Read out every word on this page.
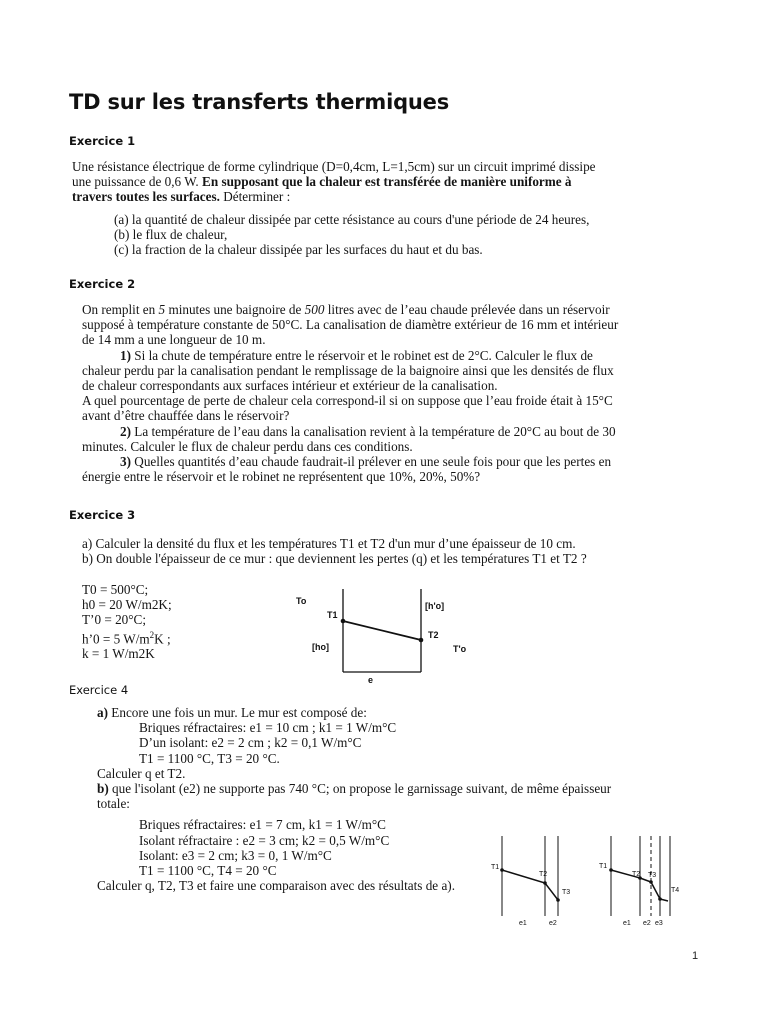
TD sur les transferts thermiques
Exercice 1

Une résistance électrique de forme cylindrique (D=0,4cm, L=1,5cm) sur un circuit imprimé dissipe

une puissance de 0,6 W. En supposant que la chaleur est transférée de manière uniforme à

travers toutes les surfaces. Déterminer :

(a) la quantité de chaleur dissipée par cette résistance au cours d'une période de 24 heures,

(b) le flux de chaleur,

(c) la fraction de la chaleur dissipée par les surfaces du haut et du bas.

Exercice 2

On remplit en 5 minutes une baignoire de 500 litres avec de l’eau chaude prélevée dans un réservoir

supposé à température constante de 50°C. La canalisation de diamètre extérieur de 16 mm et intérieur

de 14 mm a une longueur de 10 m.

1) Si la chute de température entre le réservoir et le robinet est de 2°C. Calculer le flux de

chaleur perdu par la canalisation pendant le remplissage de la baignoire ainsi que les densités de flux

de chaleur correspondants aux surfaces intérieur et extérieur de la canalisation.

A quel pourcentage de perte de chaleur cela correspond-il si on suppose que l’eau froide était à 15°C

avant d’être chauffée dans le réservoir?

2) La température de l’eau dans la canalisation revient à la température de 20°C au bout de 30

minutes. Calculer le flux de chaleur perdu dans ces conditions.

3) Quelles quantités d’eau chaude faudrait-il prélever en une seule fois pour que les pertes en

énergie entre le réservoir et le robinet ne représentent que 10%, 20%, 50%?

Exercice 3

a) Calculer la densité du flux et les températures T1 et T2 d'un mur d’une épaisseur de 10 cm.

b) On double l'épaisseur de ce mur : que deviennent les pertes (q) et les températures T1 et T2 ?

T0 = 500°C;

h0 = 20 W/m2K;

T’0 = 20°C;

h’0 = 5 $W/m^2K$ ;

k = 1 W/m2K

To
T1
[h'o]
T2
[ho]	T'o
e
Exercice 4

a) Encore une fois un mur. Le mur est composé de:

Briques réfractaires: e1 = 10 cm ; k1 = 1 W/m°C

D’un isolant: e2 = 2 cm ; k2 = 0,1 W/m°C

T1 = 1100 °C, T3 = 20 °C.

Calculer q et T2.

b) que l'isolant (e2) ne supporte pas 740 °C; on propose le garnissage suivant, de même épaisseur

totale:

Briques réfractaires: e1 = 7 cm, k1 = 1 W/m°C

Isolant réfractaire : e2 = 3 cm; k2 = 0,5 W/m°C

Isolant: e3 = 2 cm; k3 = 0, 1 W/m°C

T1 = 1100 °C, T4 = 20 °C

Calculer q, T2, T3 et faire une comparaison avec des résultats de a).

T1
T2
T3
e1	e2
T1
T2 T3
T4
e1 e2 e3
1
